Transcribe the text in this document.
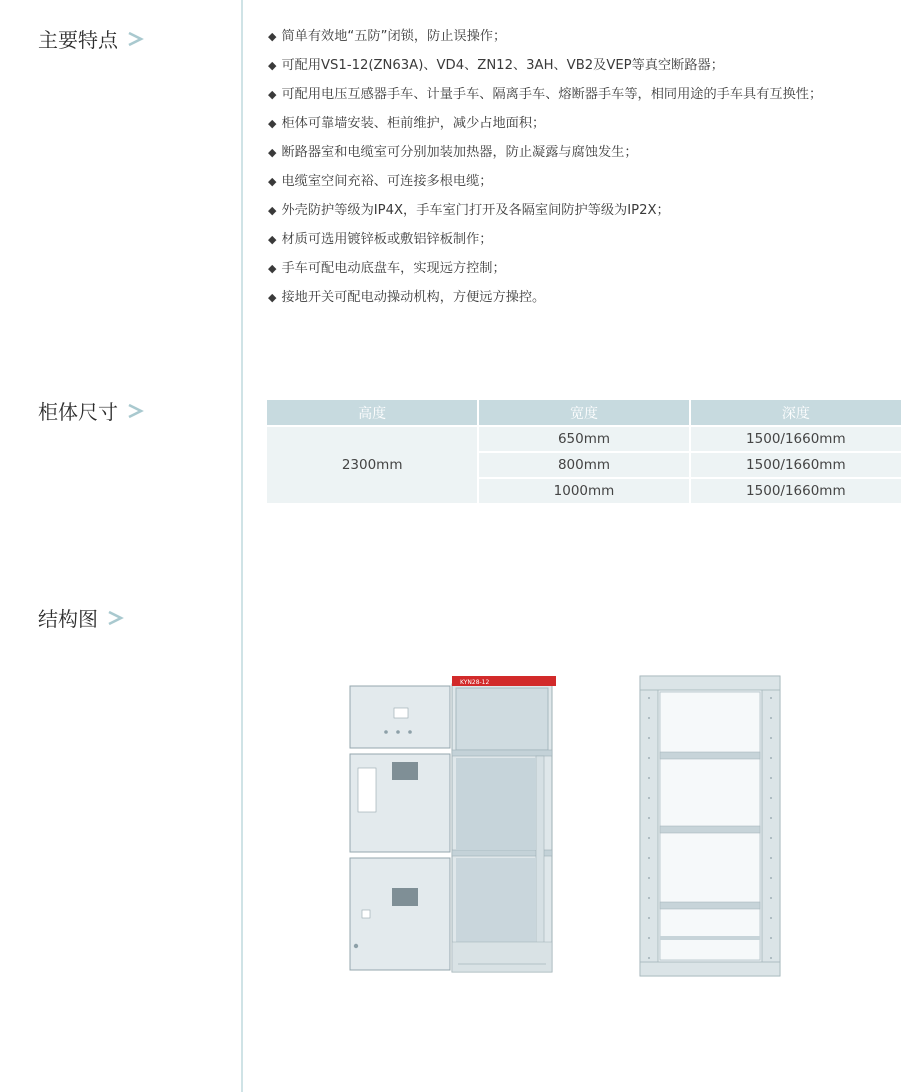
主要特点	◆ 简单有效地“五防”闭锁，防止误操作；
◆ 可配用VS1-12(ZN63A)、VD4、ZN12、3AH、VB2及VEP等真空断路器；
◆ 可配用电压互感器手车、计量手车、隔离手车、熔断器手车等，相同用途的手车具有互换性；
◆ 柜体可靠墙安装、柜前维护，减少占地面积；
◆ 断路器室和电缆室可分别加装加热器，防止凝露与腐蚀发生；
◆ 电缆室空间充裕、可连接多根电缆；
◆ 外壳防护等级为IP4X，手车室门打开及各隔室间防护等级为IP2X；
◆ 材质可选用镀锌板或敷铝锌板制作；
◆ 手车可配电动底盘车，实现远方控制；
◆ 接地开关可配电动操动机构，方便远方操控。
柜体尺寸	高度	宽度	深度
2300mm	650mm	1500/1660mm
	800mm	1500/1660mm
	1000mm	1500/1660mm
结构图
KYN28-12
